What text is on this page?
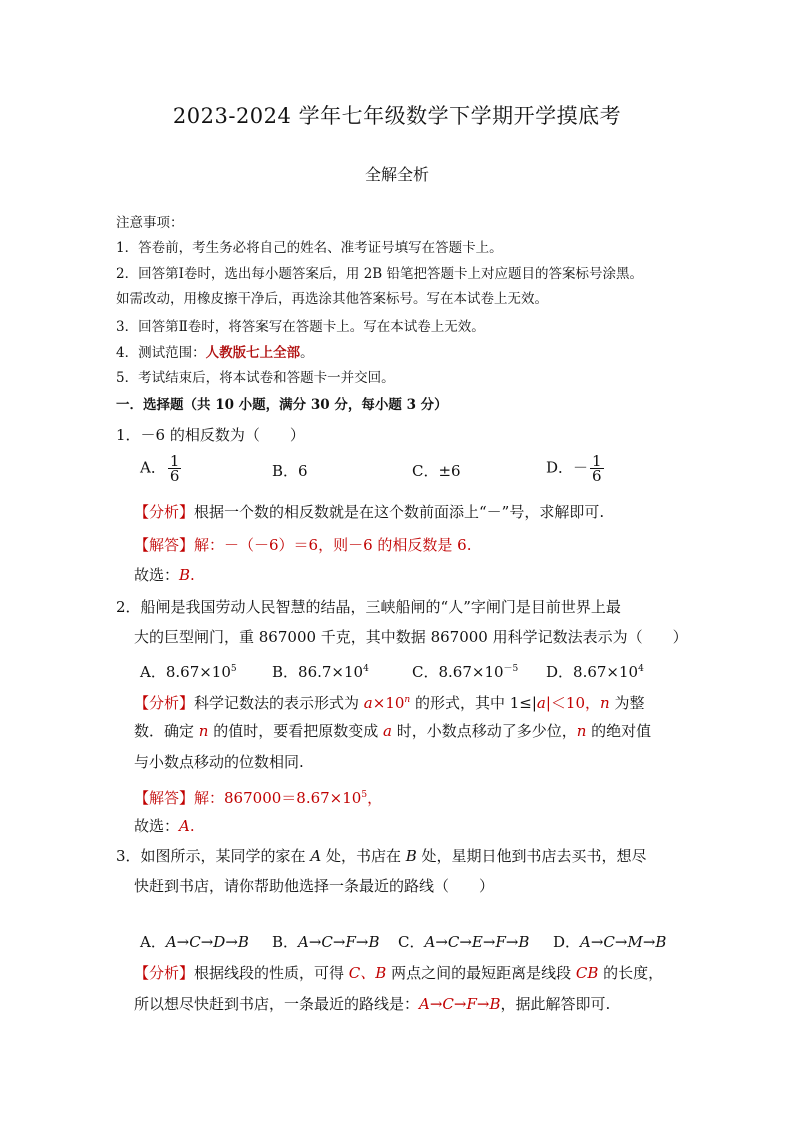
2023-2024 学年七年级数学下学期开学摸底考
全解全析
注意事项：
1．答卷前，考生务必将自己的姓名、准考证号填写在答题卡上。
2．回答第Ⅰ卷时，选出每小题答案后，用 2B 铅笔把答题卡上对应题目的答案标号涂黑。
如需改动，用橡皮擦干净后，再选涂其他答案标号。写在本试卷上无效。
3．回答第Ⅱ卷时，将答案写在答题卡上。写在本试卷上无效。
4．测试范围：人教版七上全部。
5．考试结束后，将本试卷和答题卡一并交回。
一．选择题（共 10 小题，满分 30 分，每小题 3 分）
1．－6 的相反数为（　　）
A． $\frac{1}{6}$	B．6	C．±6	D．－ $\frac{1}{6}$
【分析】根据一个数的相反数就是在这个数前面添上“－”号，求解即可.
【解答】解：－（－6）＝6，则－6 的相反数是 6.
故选：B.
2．船闸是我国劳动人民智慧的结晶，三峡船闸的“人”字闸门是目前世界上最
大的巨型闸门，重 867000 千克，其中数据 867000 用科学记数法表示为（　　）
A．$8.67\times 10^5$ B．$86.7\times 10^4$	C．$8.67\times 10^{-5}$ D．$8.67\times 10^4$
【分析】科学记数法的表示形式为 $a\times 10^n$ 的形式，其中 1≤|a|＜10，n 为整
数．确定 n 的值时，要看把原数变成 a 时，小数点移动了多少位，n 的绝对值
与小数点移动的位数相同.
【解答】解：$867000=8.67\times 10^5$，
故选：A.
3．如图所示，某同学的家在 A 处，书店在 B 处，星期日他到书店去买书，想尽
快赶到书店，请你帮助他选择一条最近的路线（　　）
A．A→C→D→B B．A→C→F→B C．A→C→E→F→B D．A→C→M→B
【分析】根据线段的性质，可得 C、B 两点之间的最短距离是线段 CB 的长度，
所以想尽快赶到书店，一条最近的路线是：A→C→F→B，据此解答即可.
